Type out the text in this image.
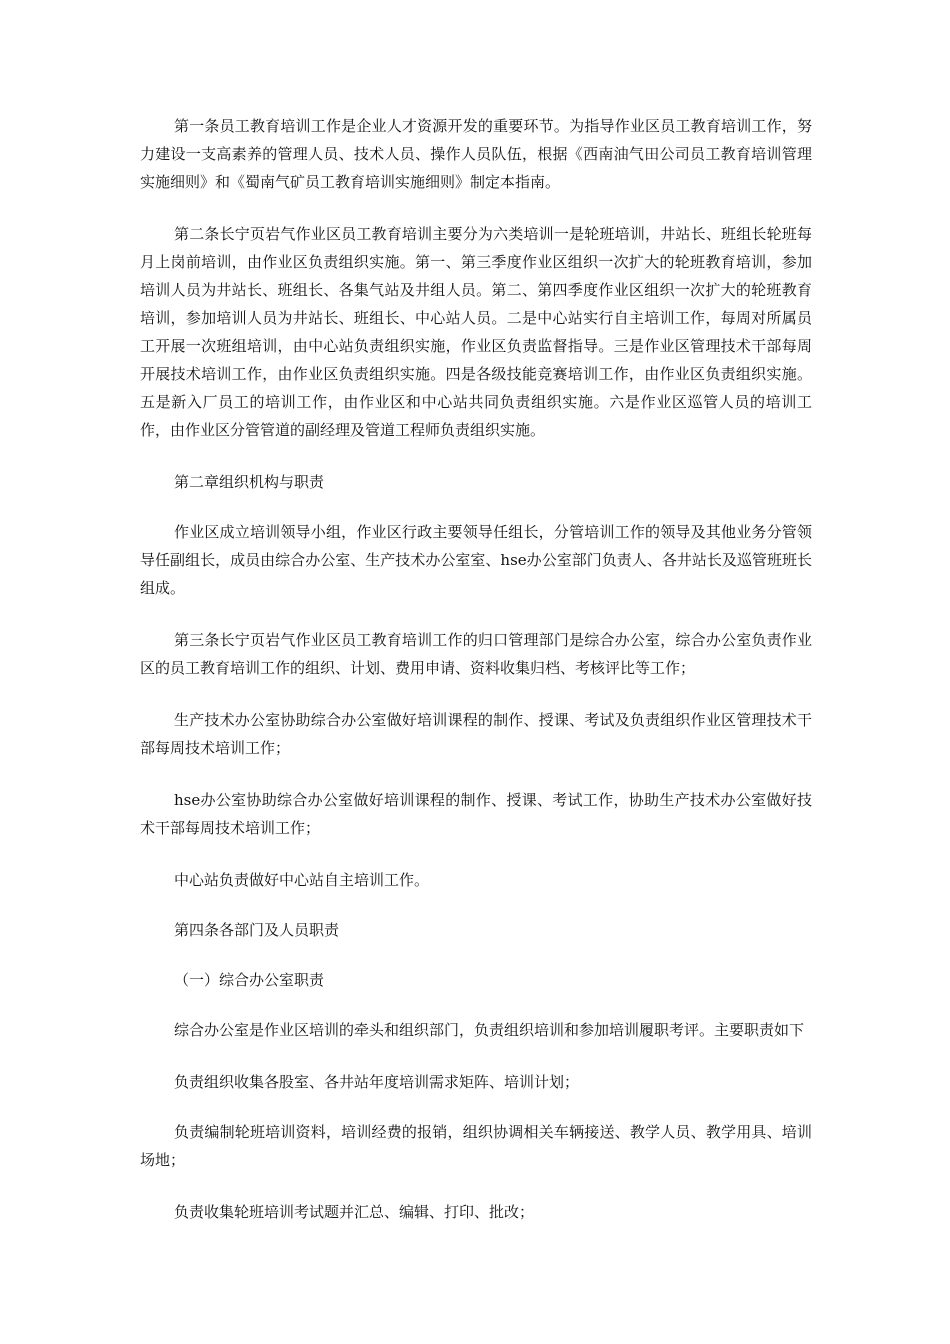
第一条员工教育培训工作是企业人才资源开发的重要环节。为指导作业区员工教育培训工作，努力建设一支高素养的管理人员、技术人员、操作人员队伍，根据《西南油气田公司员工教育培训管理实施细则》和《蜀南气矿员工教育培训实施细则》制定本指南。

第二条长宁页岩气作业区员工教育培训主要分为六类培训一是轮班培训，井站长、班组长轮班每月上岗前培训，由作业区负责组织实施。第一、第三季度作业区组织一次扩大的轮班教育培训，参加培训人员为井站长、班组长、各集气站及井组人员。第二、第四季度作业区组织一次扩大的轮班教育培训，参加培训人员为井站长、班组长、中心站人员。二是中心站实行自主培训工作，每周对所属员工开展一次班组培训，由中心站负责组织实施，作业区负责监督指导。三是作业区管理技术干部每周开展技术培训工作，由作业区负责组织实施。四是各级技能竞赛培训工作，由作业区负责组织实施。五是新入厂员工的培训工作，由作业区和中心站共同负责组织实施。六是作业区巡管人员的培训工作，由作业区分管管道的副经理及管道工程师负责组织实施。

第二章组织机构与职责

作业区成立培训领导小组，作业区行政主要领导任组长，分管培训工作的领导及其他业务分管领导任副组长，成员由综合办公室、生产技术办公室室、hse办公室部门负责人、各井站长及巡管班班长组成。

第三条长宁页岩气作业区员工教育培训工作的归口管理部门是综合办公室，综合办公室负责作业区的员工教育培训工作的组织、计划、费用申请、资料收集归档、考核评比等工作；

生产技术办公室协助综合办公室做好培训课程的制作、授课、考试及负责组织作业区管理技术干部每周技术培训工作；

hse办公室协助综合办公室做好培训课程的制作、授课、考试工作，协助生产技术办公室做好技术干部每周技术培训工作；

中心站负责做好中心站自主培训工作。

第四条各部门及人员职责

（一）综合办公室职责

综合办公室是作业区培训的牵头和组织部门，负责组织培训和参加培训履职考评。主要职责如下

负责组织收集各股室、各井站年度培训需求矩阵、培训计划；

负责编制轮班培训资料，培训经费的报销，组织协调相关车辆接送、教学人员、教学用具、培训场地；

负责收集轮班培训考试题并汇总、编辑、打印、批改；
